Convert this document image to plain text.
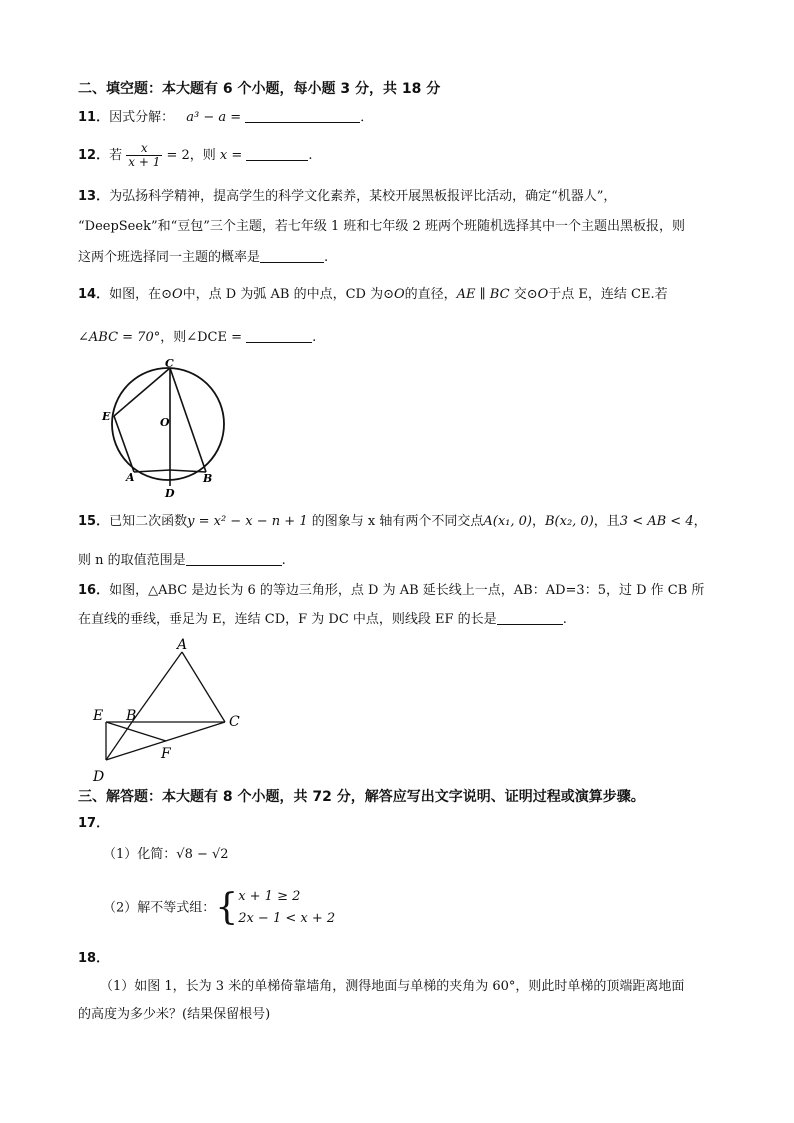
二、填空题：本大题有 6 个小题，每小题 3 分，共 18 分
11．因式分解： a³ − a =	．
12．若 $\frac{x}{x + 1} = 2$，则 x =	.
13．为弘扬科学精神，提高学生的科学文化素养，某校开展黑板报评比活动，确定“机器人”，
“DeepSeek”和“豆包”三个主题，若七年级 1 班和七年级 2 班两个班随机选择其中一个主题出黑板报，则
这两个班选择同一主题的概率是	.
14．如图，在⊙O中，点 D 为弧 AB 的中点，CD 为⊙O的直径，AE ∥ BC 交⊙O于点 E，连结 CE.若
∠ABC = 70°，则∠DCE =	.
C
E	O
A	B
D
15．已知二次函数y = x² − x − n + 1 的图象与 x 轴有两个不同交点A(x₁, 0)，B(x₂, 0)，且3 < AB < 4，
则 n 的取值范围是	.
16．如图，△ABC 是边长为 6 的等边三角形，点 D 为 AB 延长线上一点，AB：AD=3：5，过 D 作 CB 所
在直线的垂线，垂足为 E，连结 CD，F 为 DC 中点，则线段 EF 的长是	.
A
E B	C
F
D
三、解答题：本大题有 8 个小题，共 72 分，解答应写出文字说明、证明过程或演算步骤。
17．
（1）化简：√8 − √2
（2）解不等式组：{ x + 1 ≥ 2
2x − 1 < x + 2
18．
（1）如图 1，长为 3 米的单梯倚靠墙角，测得地面与单梯的夹角为 60°，则此时单梯的顶端距离地面
的高度为多少米？(结果保留根号)
